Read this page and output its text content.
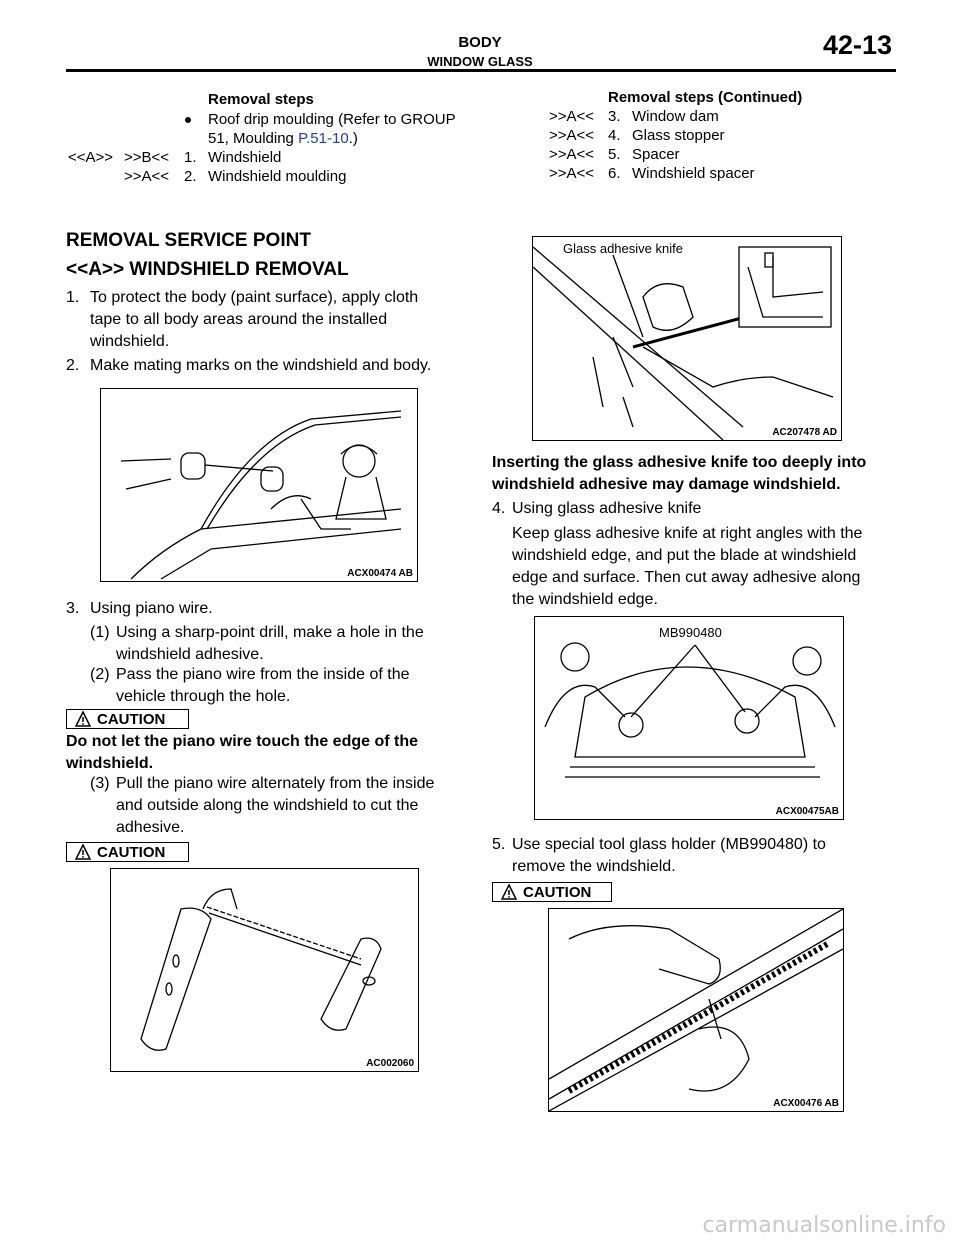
BODY
WINDOW GLASS
42-13
Removal steps
Roof drip moulding (Refer to GROUP
51, Moulding P.51-10.)
<<A>> >>B<< 1. Windshield
>>A<< 2. Windshield moulding
Removal steps (Continued)
>>A<< 3. Window dam
>>A<< 4. Glass stopper
>>A<< 5. Spacer
>>A<< 6. Windshield spacer
REMOVAL SERVICE POINT
<<A>> WINDSHIELD REMOVAL
1. To protect the body (paint surface), apply cloth
tape to all body areas around the installed
windshield.
2. Make mating marks on the windshield and body.
ACX00474 AB
3. Using piano wire.
(1) Using a sharp-point drill, make a hole in the
windshield adhesive.
(2) Pass the piano wire from the inside of the
vehicle through the hole.
CAUTION
Do not let the piano wire touch the edge of the
windshield.
(3) Pull the piano wire alternately from the inside
and outside along the windshield to cut the
adhesive.
CAUTION
AC002060
Glass adhesive knife
AC207478 AD
Inserting the glass adhesive knife too deeply into
windshield adhesive may damage windshield.
4. Using glass adhesive knife
Keep glass adhesive knife at right angles with the
windshield edge, and put the blade at windshield
edge and surface. Then cut away adhesive along
the windshield edge.
MB990480
ACX00475AB
5. Use special tool glass holder (MB990480) to
remove the windshield.
CAUTION
ACX00476 AB
carmanualsonline.info
